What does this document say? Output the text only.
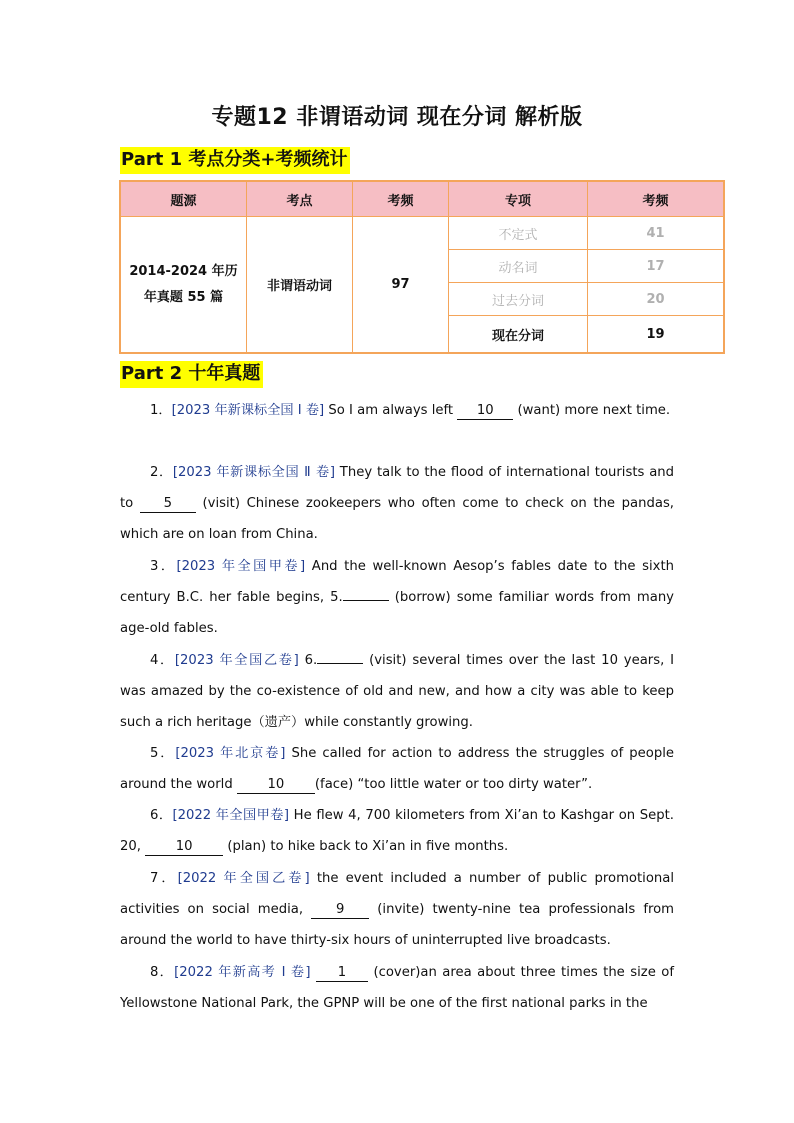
专题12 非谓语动词 现在分词 解析版
Part 1 考点分类+考频统计
题源	考点	考频	专项	考频
2014-2024 年历
年真题 55 篇	非谓语动词	97	不定式	41
			动名词	17
			过去分词	20
			现在分词	19
Part 2 十年真题
1．[2023 年新课标全国 Ⅰ 卷] So I am always left 10 (want) more next time.
2．[2023 年新课标全国 Ⅱ 卷] They talk to the flood of international tourists and to 5 (visit) Chinese zookeepers who often come to check on the pandas, which are on loan from China.
3．[2023 年全国甲卷] And the well-known Aesop’s fables date to the sixth century B.C. her fable begins, 5.	(borrow) some familiar words from many age-old fables.
4．[2023 年全国乙卷] 6.	(visit) several times over the last 10 years, I was amazed by the co-existence of old and new, and how a city was able to keep such a rich heritage（遗产）while constantly growing.
5．[2023 年北京卷] She called for action to address the struggles of people around the world 10 (face) “too little water or too dirty water”.
6．[2022 年全国甲卷] He flew 4, 700 kilometers from Xi’an to Kashgar on Sept. 20, 10 (plan) to hike back to Xi’an in five months.
7．[2022 年全国乙卷] the event included a number of public promotional activities on social media, 9 (invite) twenty-nine tea professionals from around the world to have thirty-six hours of uninterrupted live broadcasts.
8．[2022 年新高考 I 卷] 1 (cover)an area about three times the size of Yellowstone National Park, the GPNP will be one of the first national parks in the
